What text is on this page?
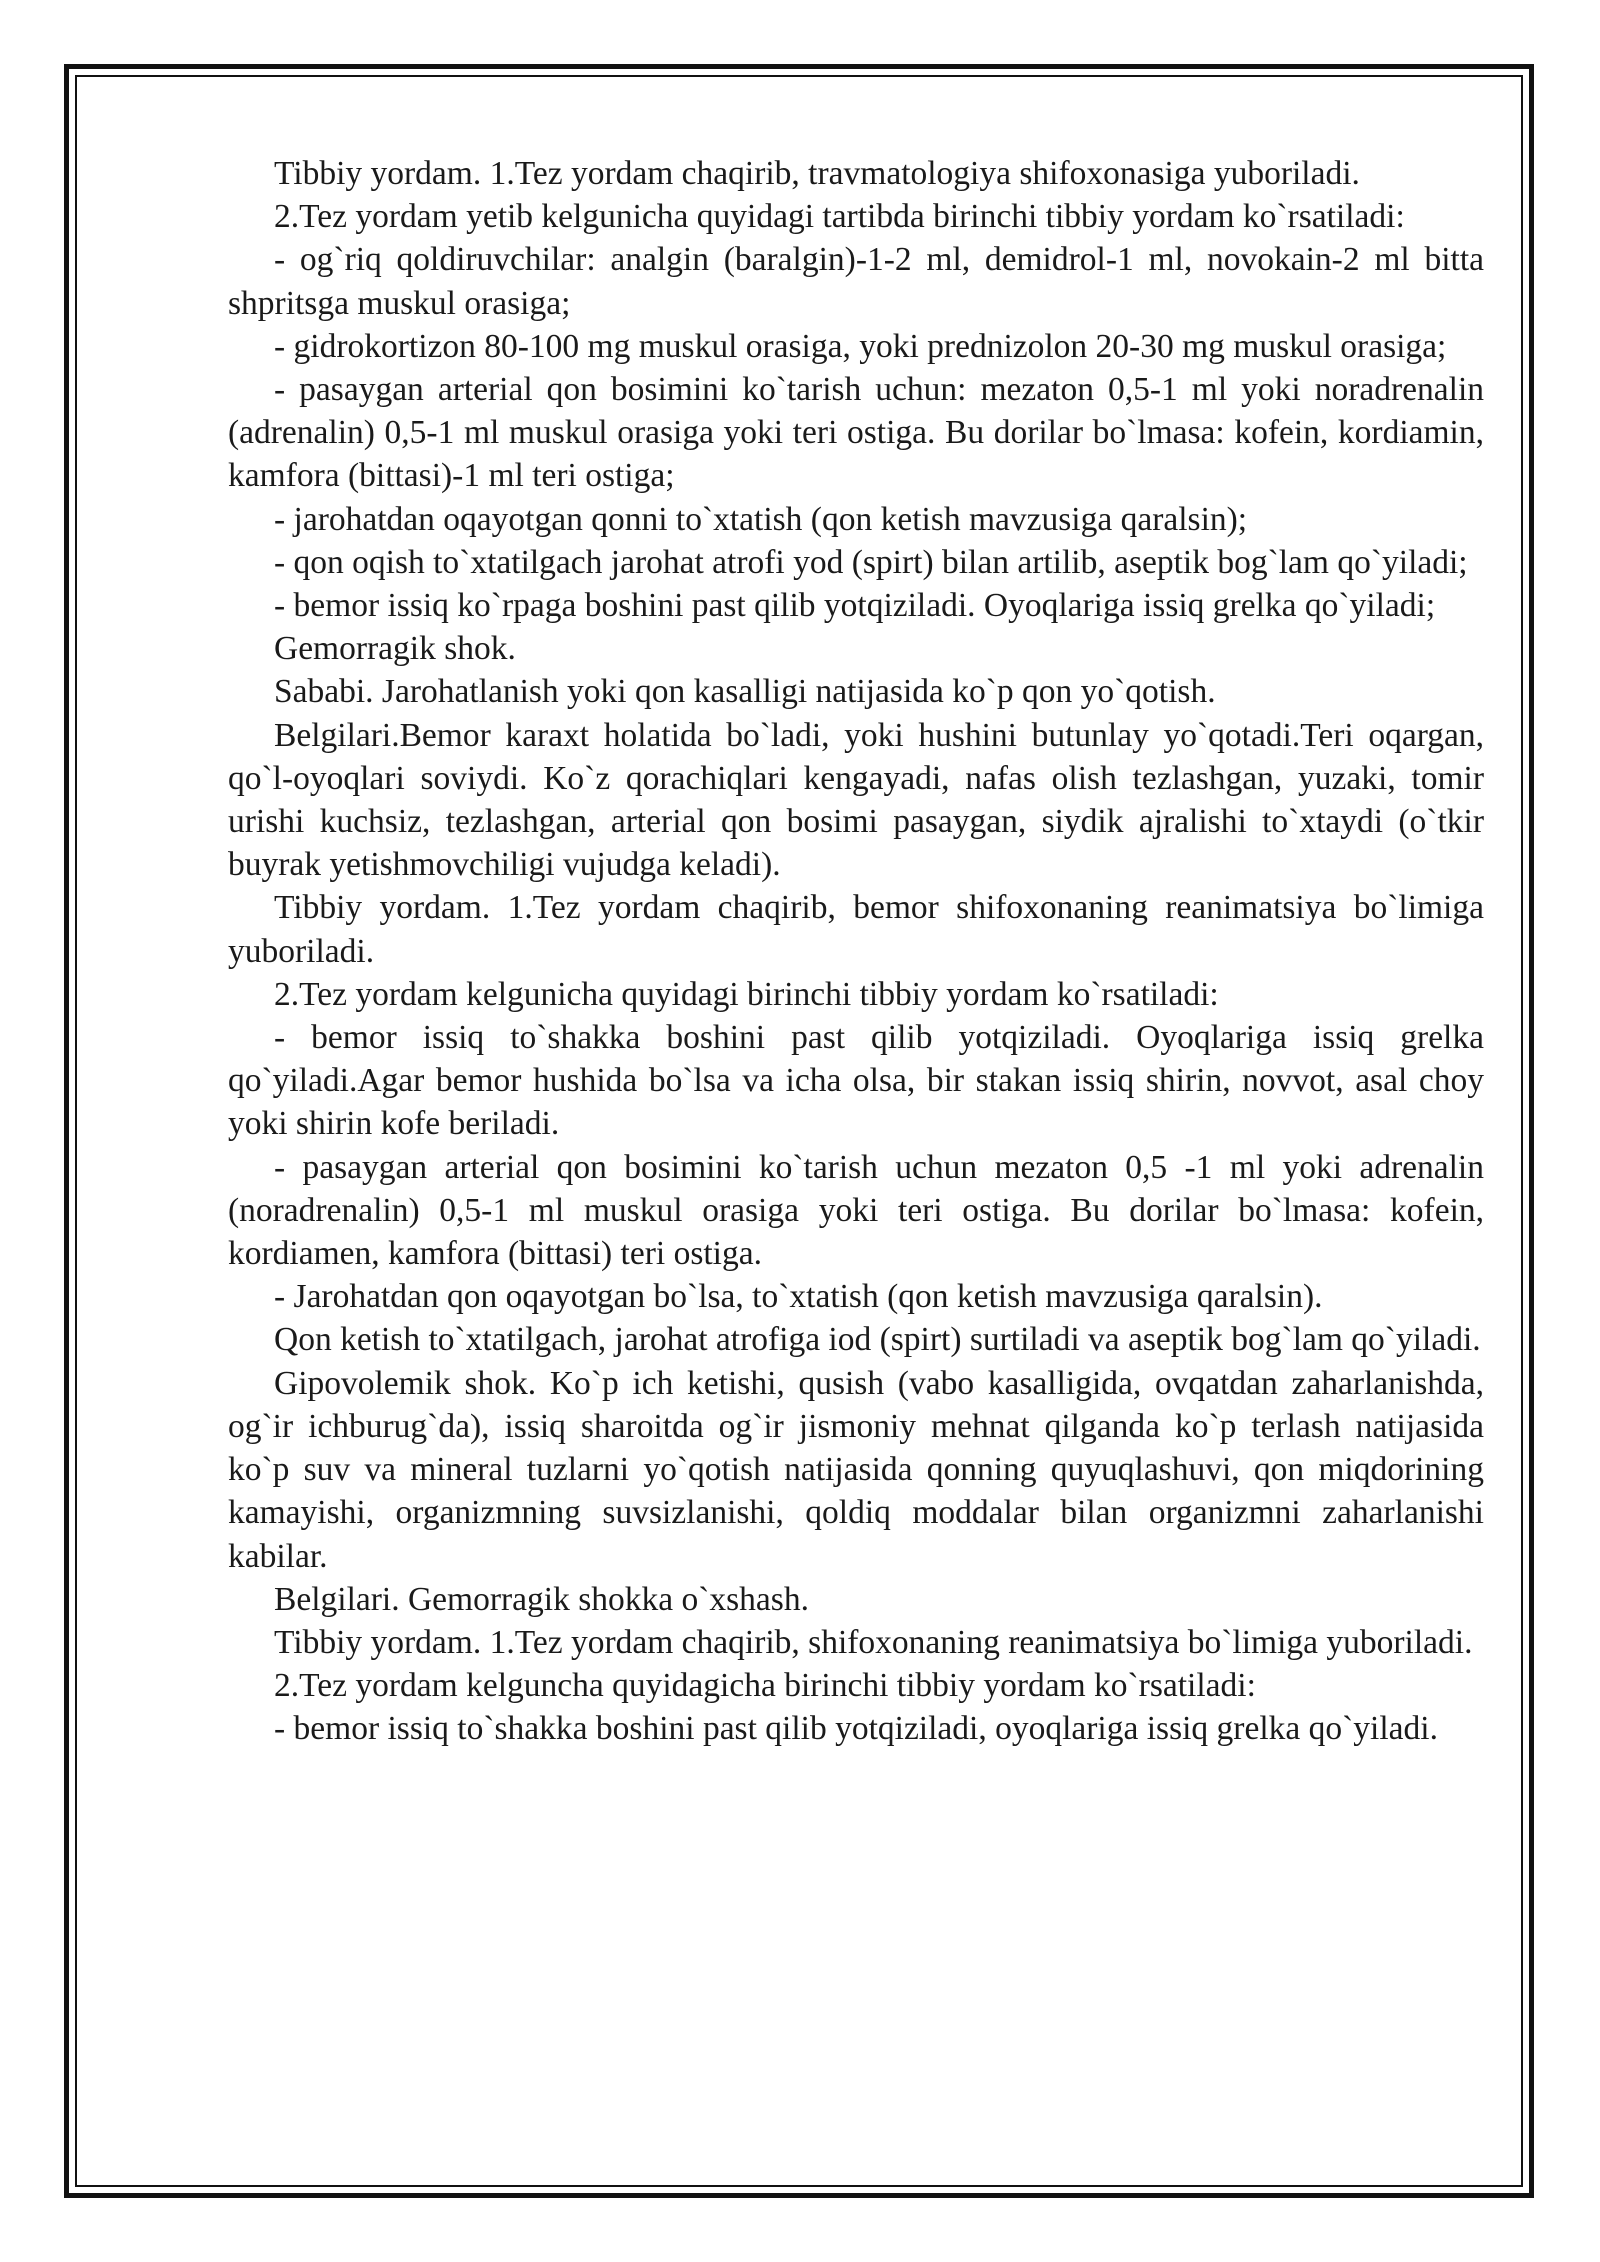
Tibbiy yordam. 1.Tez yordam chaqirib, travmatologiya shifoxonasiga yuboriladi.

2.Tez yordam yetib kelgunicha quyidagi tartibda birinchi tibbiy yordam ko`rsatiladi:

- og`riq qoldiruvchilar: analgin (baralgin)-1-2 ml, demidrol-1 ml, novokain-2 ml bitta shpritsga muskul orasiga;

- gidrokortizon 80-100 mg muskul orasiga, yoki prednizolon 20-30 mg muskul orasiga;

- pasaygan arterial qon bosimini ko`tarish uchun: mezaton 0,5-1 ml yoki noradrenalin (adrenalin) 0,5-1 ml muskul orasiga yoki teri ostiga. Bu dorilar bo`lmasa: kofein, kordiamin, kamfora (bittasi)-1 ml teri ostiga;

- jarohatdan oqayotgan qonni to`xtatish (qon ketish mavzusiga qaralsin);

- qon oqish to`xtatilgach jarohat atrofi yod (spirt) bilan artilib, aseptik bog`lam qo`yiladi;

- bemor issiq ko`rpaga boshini past qilib yotqiziladi. Oyoqlariga issiq grelka qo`yiladi;

Gemorragik shok.

Sababi. Jarohatlanish yoki qon kasalligi natijasida ko`p qon yo`qotish.

Belgilari.Bemor karaxt holatida bo`ladi, yoki hushini butunlay yo`qotadi.Teri oqargan, qo`l-oyoqlari soviydi. Ko`z qorachiqlari kengayadi, nafas olish tezlashgan, yuzaki, tomir urishi kuchsiz, tezlashgan, arterial qon bosimi pasaygan, siydik ajralishi to`xtaydi (o`tkir buyrak yetishmovchiligi vujudga keladi).

Tibbiy yordam. 1.Tez yordam chaqirib, bemor shifoxonaning reanimatsiya bo`limiga yuboriladi.

2.Tez yordam kelgunicha quyidagi birinchi tibbiy yordam ko`rsatiladi:

- bemor issiq to`shakka boshini past qilib yotqiziladi. Oyoqlariga issiq grelka qo`yiladi.Agar bemor hushida bo`lsa va icha olsa, bir stakan issiq shirin, novvot, asal choy yoki shirin kofe beriladi.

- pasaygan arterial qon bosimini ko`tarish uchun mezaton 0,5 -1 ml yoki adrenalin (noradrenalin) 0,5-1 ml muskul orasiga yoki teri ostiga. Bu dorilar bo`lmasa: kofein, kordiamen, kamfora (bittasi) teri ostiga.

- Jarohatdan qon oqayotgan bo`lsa, to`xtatish (qon ketish mavzusiga qaralsin).

Qon ketish to`xtatilgach, jarohat atrofiga iod (spirt) surtiladi va aseptik bog`lam qo`yiladi.

Gipovolemik shok. Ko`p ich ketishi, qusish (vabo kasalligida, ovqatdan zaharlanishda, og`ir ichburug`da), issiq sharoitda og`ir jismoniy mehnat qilganda ko`p terlash natijasida ko`p suv va mineral tuzlarni yo`qotish natijasida qonning quyuqlashuvi, qon miqdorining kamayishi, organizmning suvsizlanishi, qoldiq moddalar bilan organizmni zaharlanishi kabilar.

Belgilari. Gemorragik shokka o`xshash.

Tibbiy yordam. 1.Tez yordam chaqirib, shifoxonaning reanimatsiya bo`limiga yuboriladi.

2.Tez yordam kelguncha quyidagicha birinchi tibbiy yordam ko`rsatiladi:

- bemor issiq to`shakka boshini past qilib yotqiziladi, oyoqlariga issiq grelka qo`yiladi.
